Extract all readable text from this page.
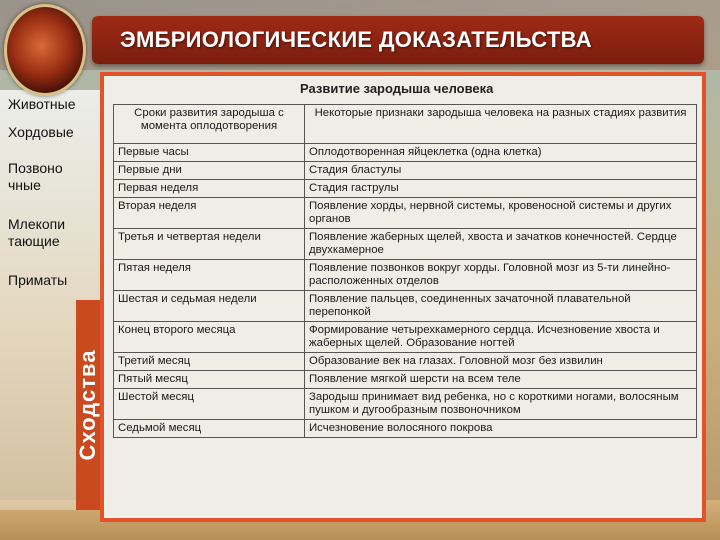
ЭМБРИОЛОГИЧЕСКИЕ ДОКАЗАТЕЛЬСТВА
Животные
Хордовые
Позвоно чные
Млекопи тающие
Приматы
Сходства
Развитие зародыша человека
Сроки развития зародыша с момента оплодотворения	Некоторые признаки зародыша человека на разных стадиях развития
Первые часы	Оплодотворенная яйцеклетка (одна клетка)
Первые дни	Стадия бластулы
Первая неделя	Стадия гаструлы
Вторая неделя	Появление хорды, нервной системы, кровеносной системы и других органов
Третья и четвертая недели	Появление жаберных щелей, хвоста и зачатков конечностей. Сердце двухкамерное
Пятая неделя	Появление позвонков вокруг хорды. Головной мозг из 5-ти линейно-расположенных отделов
Шестая и седьмая недели	Появление пальцев, соединенных зачаточной плавательной перепонкой
Конец второго месяца	Формирование четырехкамерного сердца. Исчезновение хвоста и жаберных щелей. Образование ногтей
Третий месяц	Образование век на глазах. Головной мозг без извилин
Пятый месяц	Появление мягкой шерсти на всем теле
Шестой месяц	Зародыш принимает вид ребенка, но с короткими ногами, волосяным пушком и дугообразным позвоночником
Седьмой месяц	Исчезновение волосяного покрова
